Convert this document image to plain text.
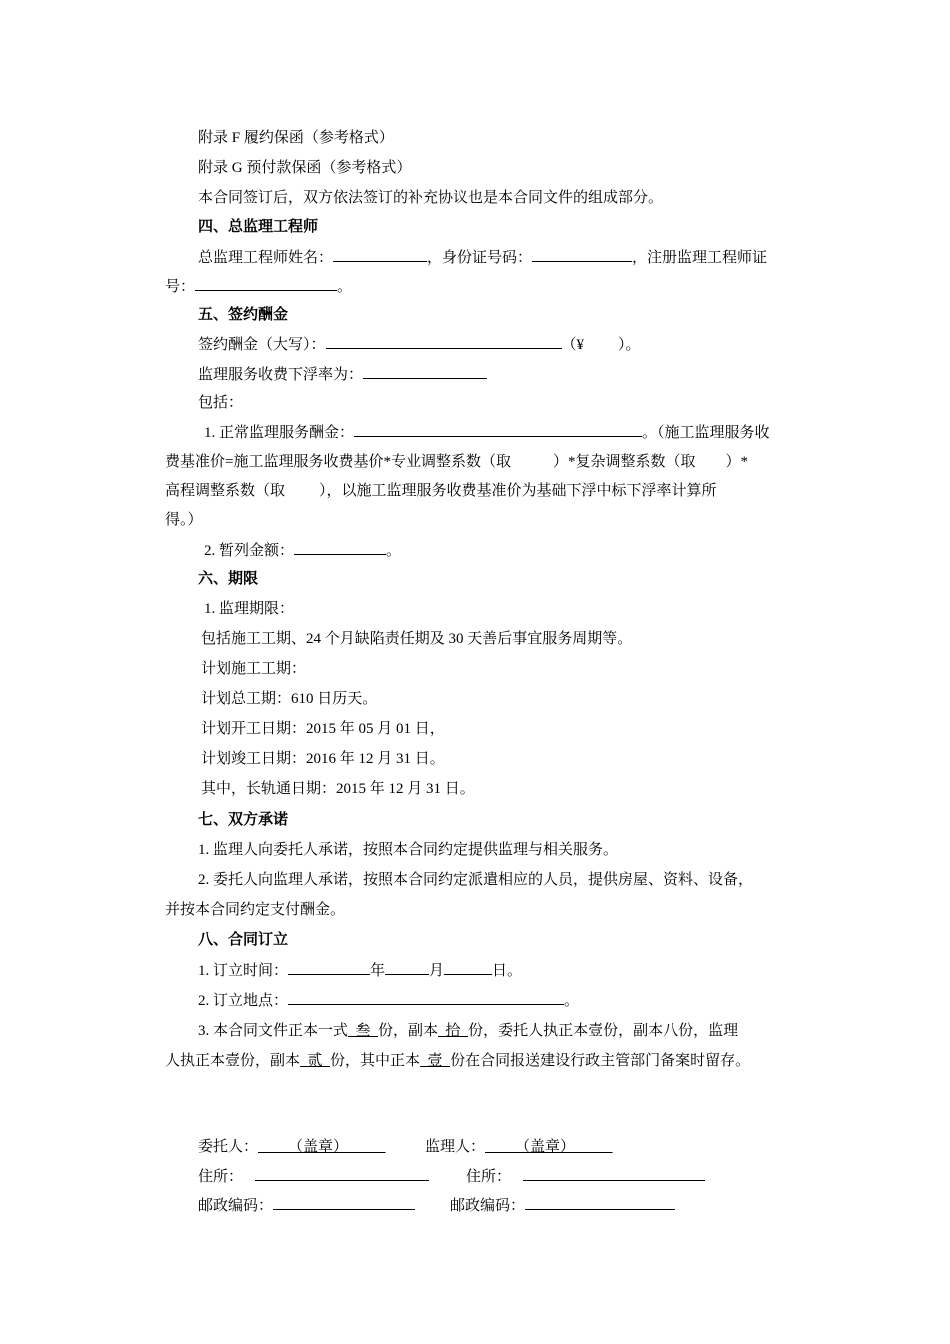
附录 F 履约保函（参考格式）
附录 G 预付款保函（参考格式）
本合同签订后，双方依法签订的补充协议也是本合同文件的组成部分。
四、总监理工程师
总监理工程师姓名：	，身份证号码：	，注册监理工程师证
号：	。
五、签约酬金
签约酬金（大写）：	（¥ ）。
监理服务收费下浮率为：
包括：
1. 正常监理服务酬金：	。（施工监理服务收
费基准价=施工监理服务收费基价*专业调整系数（取	）*复杂调整系数（取 ）*
高程调整系数（取 ），以施工监理服务收费基准价为基础下浮中标下浮率计算所
得。）
2. 暂列金额：	。
六、期限
1. 监理期限：
包括施工工期、24 个月缺陷责任期及 30 天善后事宜服务周期等。
计划施工工期：
计划总工期：610 日历天。
计划开工日期：2015 年 05 月 01 日，
计划竣工日期：2016 年 12 月 31 日。
其中，长轨通日期：2015 年 12 月 31 日。
七、双方承诺
1. 监理人向委托人承诺，按照本合同约定提供监理与相关服务。
2. 委托人向监理人承诺，按照本合同约定派遣相应的人员，提供房屋、资料、设备，
并按本合同约定支付酬金。
八、合同订立
1. 订立时间：	年	月	日。
2. 订立地点：	。
3. 本合同文件正本一式  叁  份，副本  拾  份，委托人执正本壹份，副本八份，监理
人执正本壹份，副本  贰  份，其中正本  壹  份在合同报送建设行政主管部门备案时留存。
委托人：     （盖章）     	监理人：     （盖章）     
住所：	住所：
邮政编码：	邮政编码：
